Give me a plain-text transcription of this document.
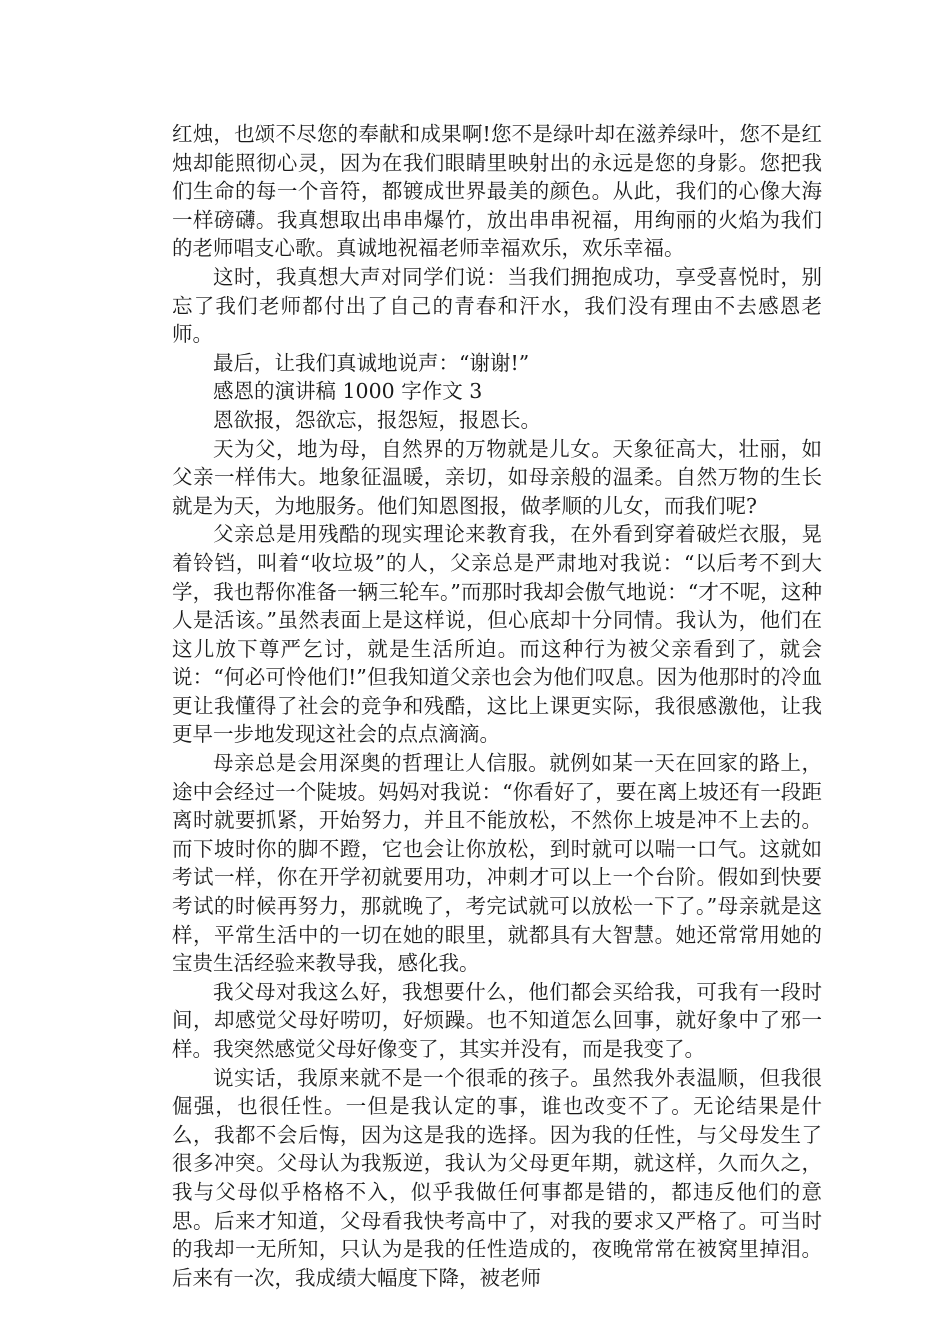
红烛，也颂不尽您的奉献和成果啊!您不是绿叶却在滋养绿叶，您不是红烛却能照彻心灵，因为在我们眼睛里映射出的永远是您的身影。您把我们生命的每一个音符，都镀成世界最美的颜色。从此，我们的心像大海一样磅礴。我真想取出串串爆竹，放出串串祝福，用绚丽的火焰为我们的老师唱支心歌。真诚地祝福老师幸福欢乐，欢乐幸福。

这时，我真想大声对同学们说：当我们拥抱成功，享受喜悦时，别忘了我们老师都付出了自己的青春和汗水，我们没有理由不去感恩老师。

最后，让我们真诚地说声：“谢谢!”

感恩的演讲稿 1000 字作文 3

恩欲报，怨欲忘，报怨短，报恩长。

天为父，地为母，自然界的万物就是儿女。天象征高大，壮丽，如父亲一样伟大。地象征温暖，亲切，如母亲般的温柔。自然万物的生长就是为天，为地服务。他们知恩图报，做孝顺的儿女，而我们呢?

父亲总是用残酷的现实理论来教育我，在外看到穿着破烂衣服，晃着铃铛，叫着“收垃圾”的人，父亲总是严肃地对我说：“以后考不到大学，我也帮你准备一辆三轮车。”而那时我却会傲气地说：“才不呢，这种人是活该。”虽然表面上是这样说，但心底却十分同情。我认为，他们在这儿放下尊严乞讨，就是生活所迫。而这种行为被父亲看到了，就会说：“何必可怜他们!”但我知道父亲也会为他们叹息。因为他那时的冷血更让我懂得了社会的竞争和残酷，这比上课更实际，我很感激他，让我更早一步地发现这社会的点点滴滴。

母亲总是会用深奥的哲理让人信服。就例如某一天在回家的路上，途中会经过一个陡坡。妈妈对我说：“你看好了，要在离上坡还有一段距离时就要抓紧，开始努力，并且不能放松，不然你上坡是冲不上去的。而下坡时你的脚不蹬，它也会让你放松，到时就可以喘一口气。这就如考试一样，你在开学初就要用功，冲刺才可以上一个台阶。假如到快要考试的时候再努力，那就晚了，考完试就可以放松一下了。”母亲就是这样，平常生活中的一切在她的眼里，就都具有大智慧。她还常常用她的宝贵生活经验来教导我，感化我。

我父母对我这么好，我想要什么，他们都会买给我，可我有一段时间，却感觉父母好唠叨，好烦躁。也不知道怎么回事，就好象中了邪一样。我突然感觉父母好像变了，其实并没有，而是我变了。

说实话，我原来就不是一个很乖的孩子。虽然我外表温顺，但我很倔强，也很任性。一但是我认定的事，谁也改变不了。无论结果是什么，我都不会后悔，因为这是我的选择。因为我的任性，与父母发生了很多冲突。父母认为我叛逆，我认为父母更年期，就这样，久而久之，我与父母似乎格格不入，似乎我做任何事都是错的，都违反他们的意思。后来才知道，父母看我快考高中了，对我的要求又严格了。可当时的我却一无所知，只认为是我的任性造成的，夜晚常常在被窝里掉泪。后来有一次，我成绩大幅度下降，被老师
